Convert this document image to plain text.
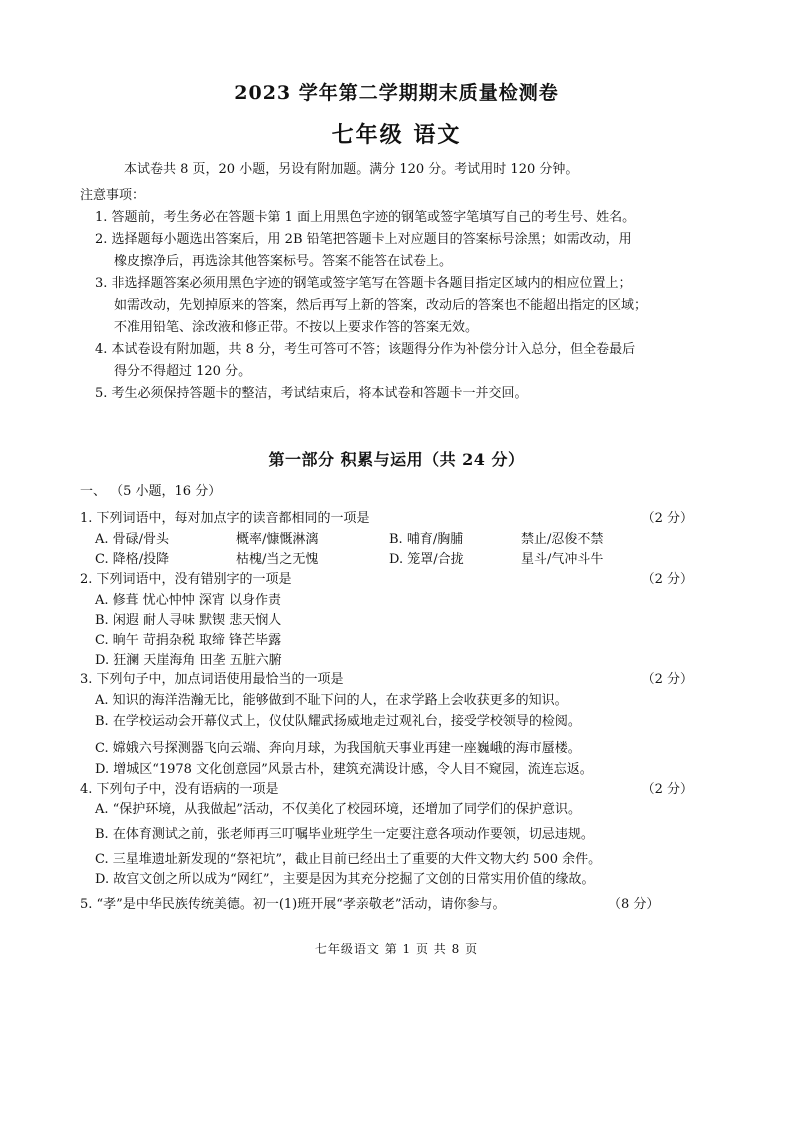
2023 学年第二学期期末质量检测卷
七年级 语文
本试卷共 8 页，20 小题，另设有附加题。满分 120 分。考试用时 120 分钟。
注意事项：
1. 答题前，考生务必在答题卡第 1 面上用黑色字迹的钢笔或签字笔填写自己的考生号、姓名。
2. 选择题每小题选出答案后，用 2B 铅笔把答题卡上对应题目的答案标号涂黑；如需改动，用
橡皮擦净后，再选涂其他答案标号。答案不能答在试卷上。
3. 非选择题答案必须用黑色字迹的钢笔或签字笔写在答题卡各题目指定区域内的相应位置上；
如需改动，先划掉原来的答案，然后再写上新的答案，改动后的答案也不能超出指定的区域；
不准用铅笔、涂改液和修正带。不按以上要求作答的答案无效。
4. 本试卷设有附加题，共 8 分，考生可答可不答；该题得分作为补偿分计入总分，但全卷最后
得分不得超过 120 分。
5. 考生必须保持答题卡的整洁，考试结束后，将本试卷和答题卡一并交回。
第一部分 积累与运用（共 24 分）
一、 （5 小题，16 分）
1. 下列词语中，每对加点字的读音都相同的一项是	（2 分）
A. 骨碌/骨头	概率/慷慨淋漓	B. 哺育/胸脯	禁止/忍俊不禁
C. 降格/投降	枯槐/当之无愧	D. 笼罩/合拢	星斗/气冲斗牛
2. 下列词语中，没有错别字的一项是	（2 分）
A. 修葺 忧心忡忡 深宵 以身作责
B. 闲遐 耐人寻味 默锲 悲天悯人
C. 晌午 苛捐杂税 取缔 锋芒毕露
D. 狂澜 天崖海角 田垄 五脏六腑
3. 下列句子中，加点词语使用最恰当的一项是	（2 分）
A. 知识的海洋浩瀚无比，能够做到不耻下问的人，在求学路上会收获更多的知识。
B. 在学校运动会开幕仪式上，仪仗队耀武扬威地走过观礼台，接受学校领导的检阅。
C. 嫦娥六号探测器飞向云端、奔向月球，为我国航天事业再建一座巍峨的海市蜃楼。
D. 增城区“1978 文化创意园”风景古朴，建筑充满设计感，令人目不窥园，流连忘返。
4. 下列句子中，没有语病的一项是	（2 分）
A. “保护环境，从我做起”活动，不仅美化了校园环境，还增加了同学们的保护意识。
B. 在体育测试之前，张老师再三叮嘱毕业班学生一定要注意各项动作要领，切忌违规。
C. 三星堆遗址新发现的“祭祀坑”，截止目前已经出土了重要的大件文物大约 500 余件。
D. 故宫文创之所以成为“网红”，主要是因为其充分挖掘了文创的日常实用价值的缘故。
5. “孝”是中华民族传统美德。初一(1)班开展“孝亲敬老”活动，请你参与。	（8 分）
七年级语文 第 1 页 共 8 页
